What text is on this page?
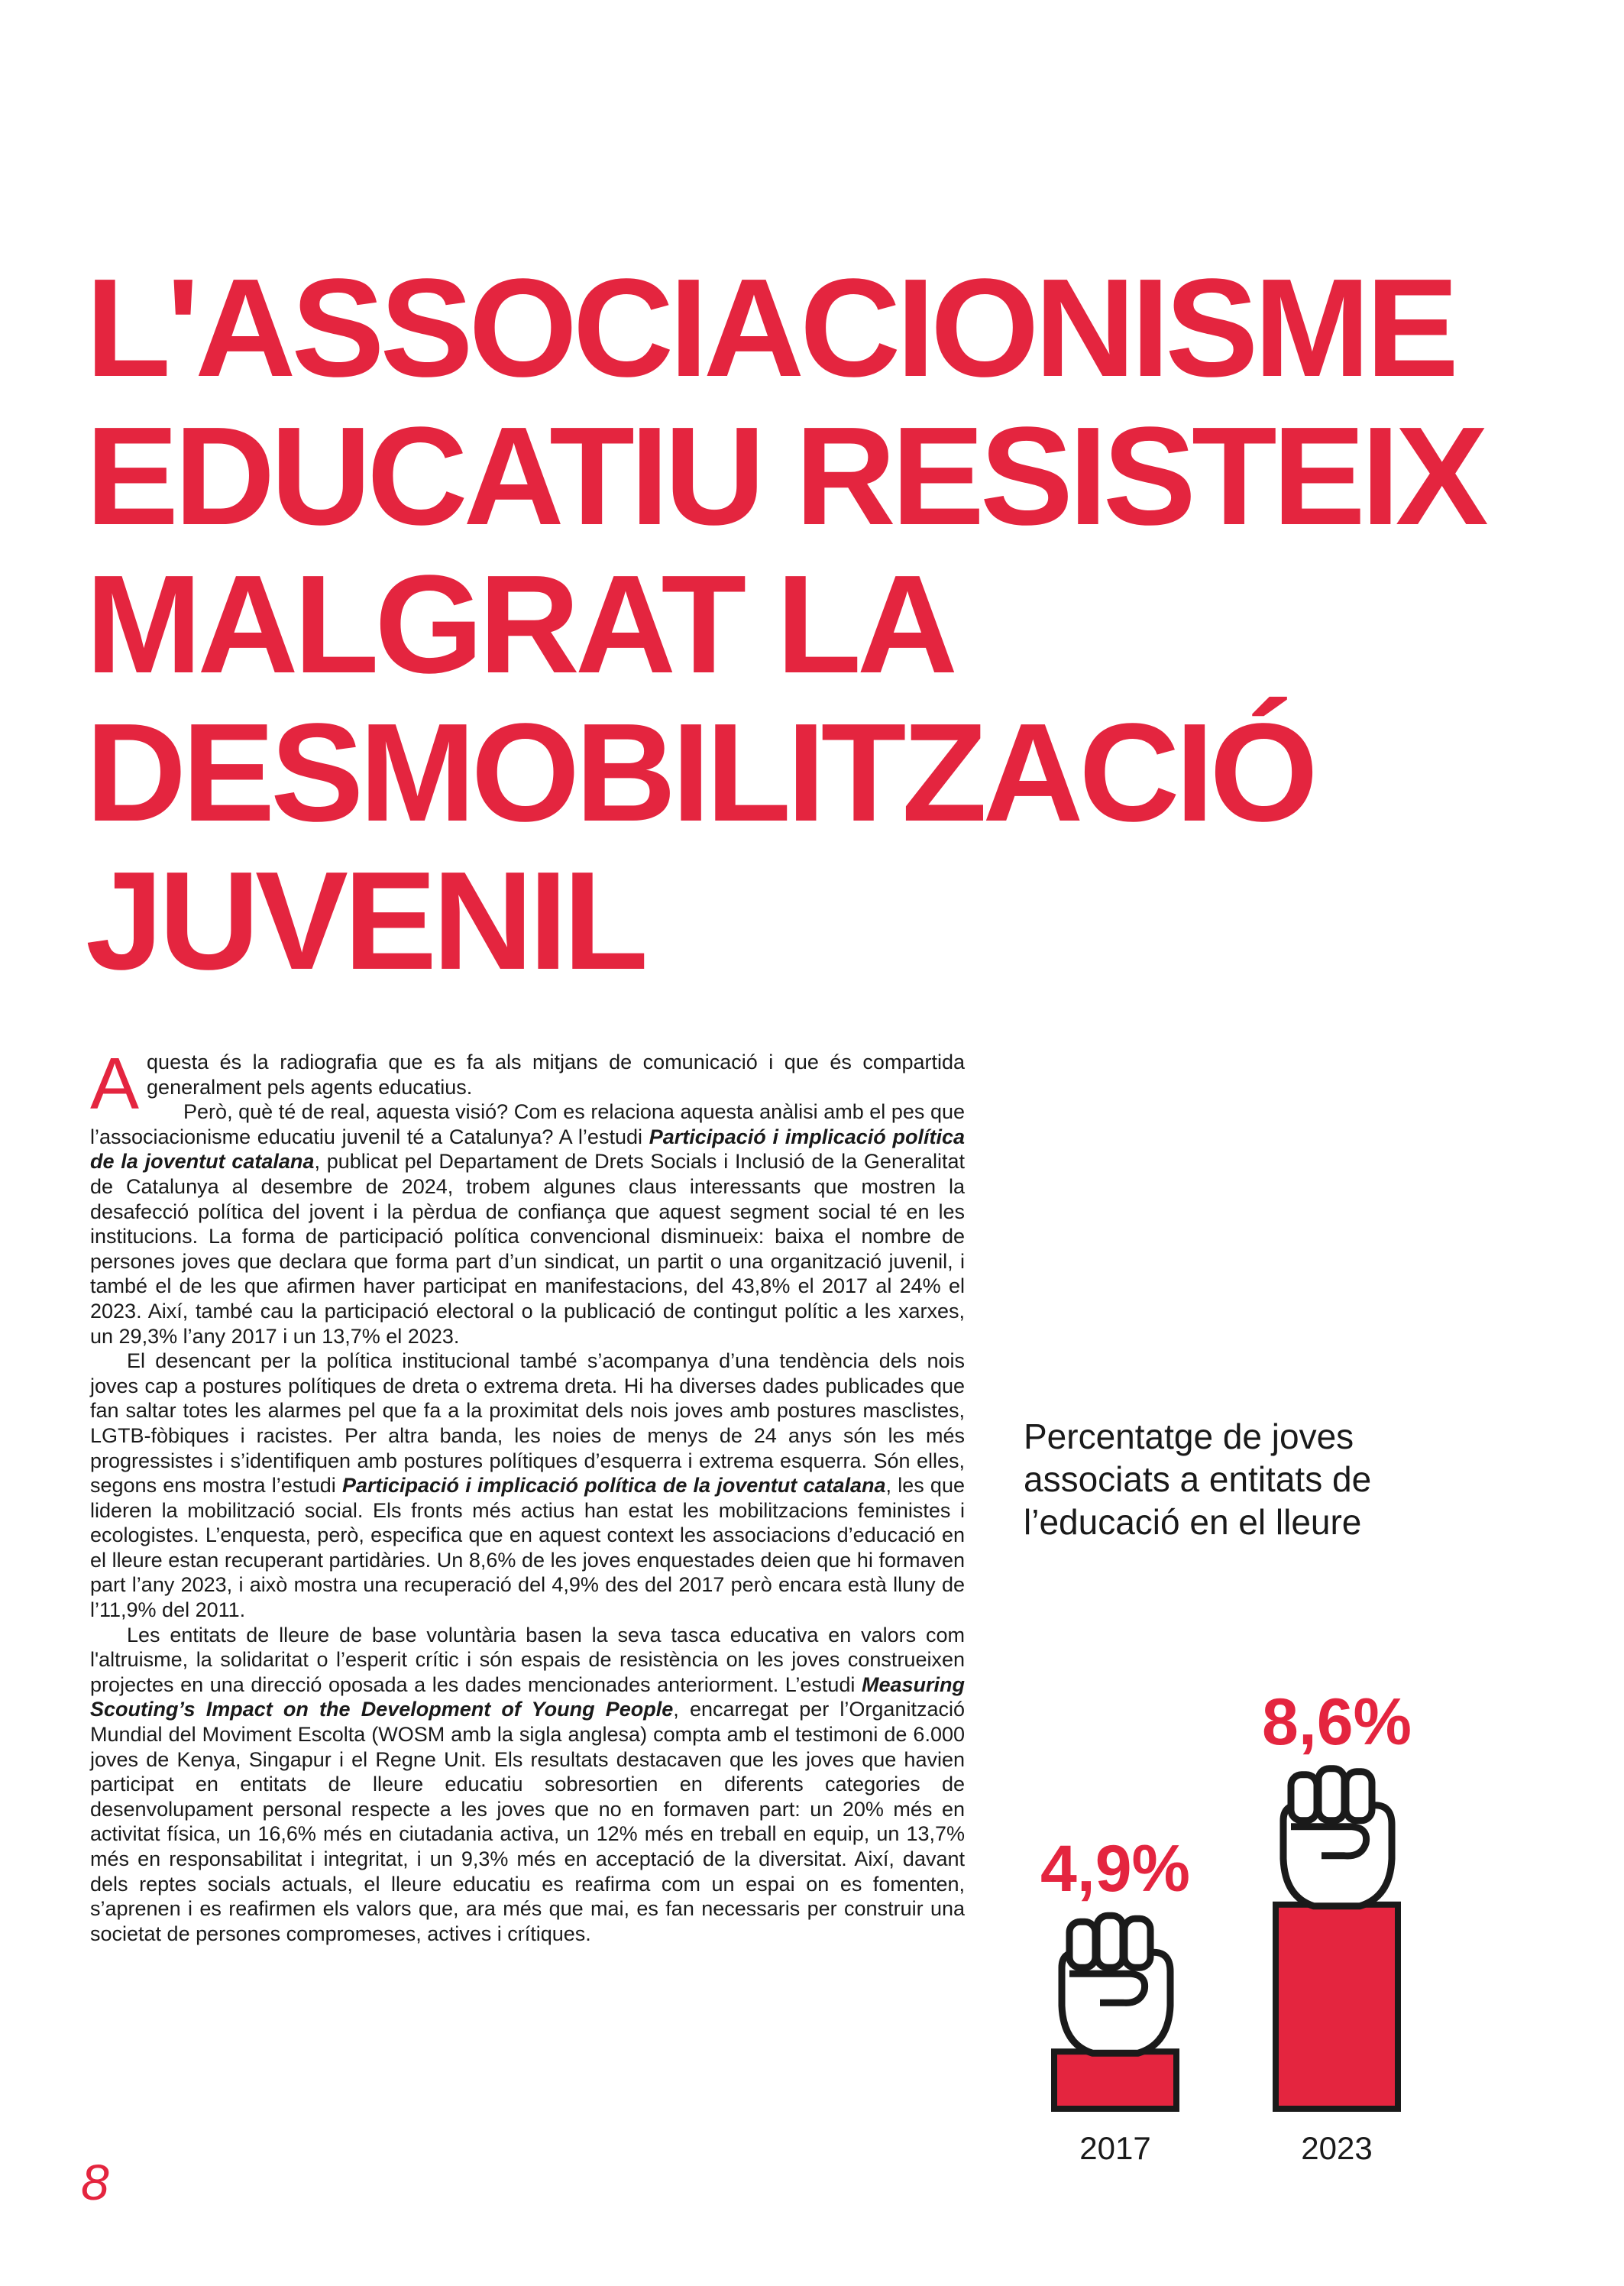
L'ASSOCIACIONISME
EDUCATIU RESISTEIX
MALGRAT LA
DESMOBILITZACIÓ
JUVENIL

Aquesta és la radiografia que es fa als mitjans de comunicació i que és compartida generalment pels agents educatius.

Però, què té de real, aquesta visió? Com es relaciona aquesta anàlisi amb el pes que l’associacionisme educatiu juvenil té a Catalunya? A l’estudi Participació i implicació política de la joventut catalana, publicat pel Departament de Drets Socials i Inclusió de la Generalitat de Catalunya al desembre de 2024, trobem algunes claus interessants que mostren la desafecció política del jovent i la pèrdua de confiança que aquest segment social té en les institucions. La forma de participació política convencional disminueix: baixa el nombre de persones joves que declara que forma part d’un sindicat, un partit o una organització juvenil, i també el de les que afirmen haver participat en manifestacions, del 43,8% el 2017 al 24% el 2023. Així, també cau la participació electoral o la publicació de contingut polític a les xarxes, un 29,3% l’any 2017 i un 13,7% el 2023.

El desencant per la política institucional també s’acompanya d’una tendència dels nois joves cap a postures polítiques de dreta o extrema dreta. Hi ha diverses dades publicades que fan saltar totes les alarmes pel que fa a la proximitat dels nois joves amb postures masclistes, LGTB-fòbiques i racistes. Per altra banda, les noies de menys de 24 anys són les més progressistes i s’identifiquen amb postures polítiques d’esquerra i extrema esquerra. Són elles, segons ens mostra l’estudi Participació i implicació política de la joventut catalana, les que lideren la mobilització social. Els fronts més actius han estat les mobilitzacions feministes i ecologistes. L’enquesta, però, especifica que en aquest context les associacions d’educació en el lleure estan recuperant partidàries. Un 8,6% de les joves enquestades deien que hi formaven part l’any 2023, i això mostra una recuperació del 4,9% des del 2017 però encara està lluny de l’11,9% del 2011.

Les entitats de lleure de base voluntària basen la seva tasca educativa en valors com l'altruisme, la solidaritat o l’esperit crític i són espais de resistència on les joves construeixen projectes en una direcció oposada a les dades mencionades anteriorment. L’estudi Measuring Scouting’s Impact on the Development of Young People, encarregat per l’Organització Mundial del Moviment Escolta (WOSM amb la sigla anglesa) compta amb el testimoni de 6.000 joves de Kenya, Singapur i el Regne Unit. Els resultats destacaven que les joves que havien participat en entitats de lleure educatiu sobresortien en diferents categories de desenvolupament personal respecte a les joves que no en formaven part: un 20% més en activitat física, un 16,6% més en ciutadania activa, un 12% més en treball en equip, un 13,7% més en responsabilitat i integritat, i un 9,3% més en acceptació de la diversitat. Així, davant dels reptes socials actuals, el lleure educatiu es reafirma com un espai on es fomenten, s’aprenen i es reafirmen els valors que, ara més que mai, es fan necessaris per construir una societat de persones compromeses, actives i crítiques.

Percentatge de joves associats a entitats de l’educació en el lleure
4,9%
2017
8,6%
2023
8
